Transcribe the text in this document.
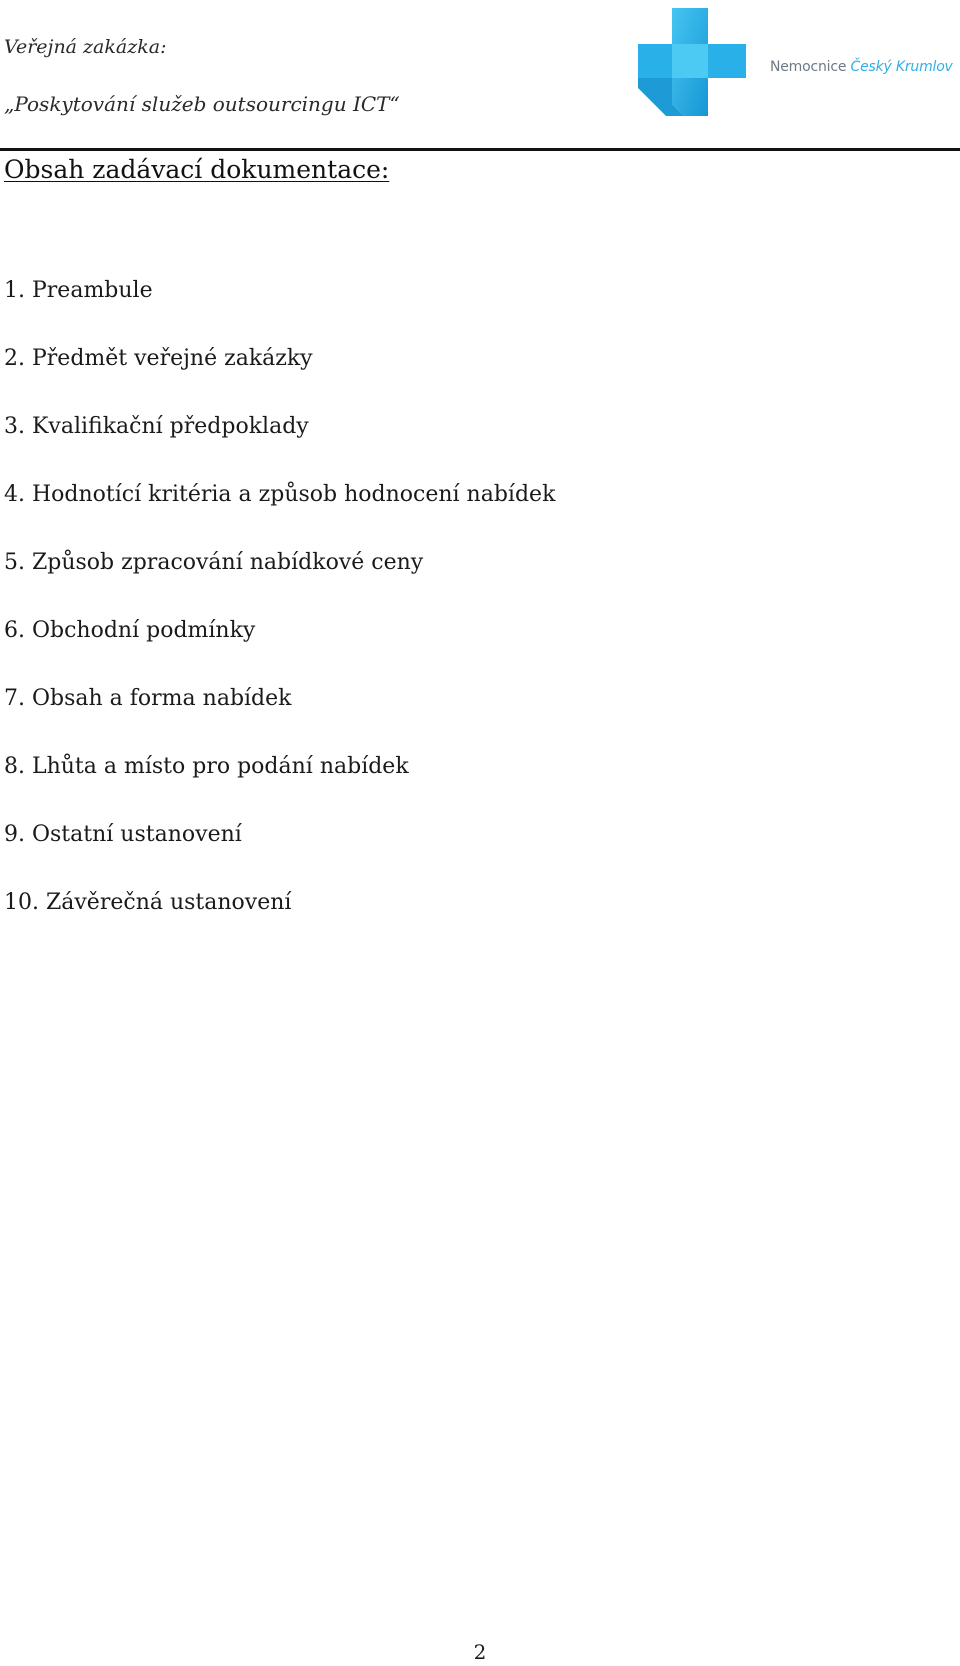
Veřejná zakázka:
„Poskytování služeb outsourcingu ICT“
Nemocnice Český Krumlov
Obsah zadávací dokumentace:
1. Preambule
2. Předmět veřejné zakázky
3. Kvalifikační předpoklady
4. Hodnotící kritéria a způsob hodnocení nabídek
5. Způsob zpracování nabídkové ceny
6. Obchodní podmínky
7. Obsah a forma nabídek
8. Lhůta a místo pro podání nabídek
9. Ostatní ustanovení
10. Závěrečná ustanovení
2
